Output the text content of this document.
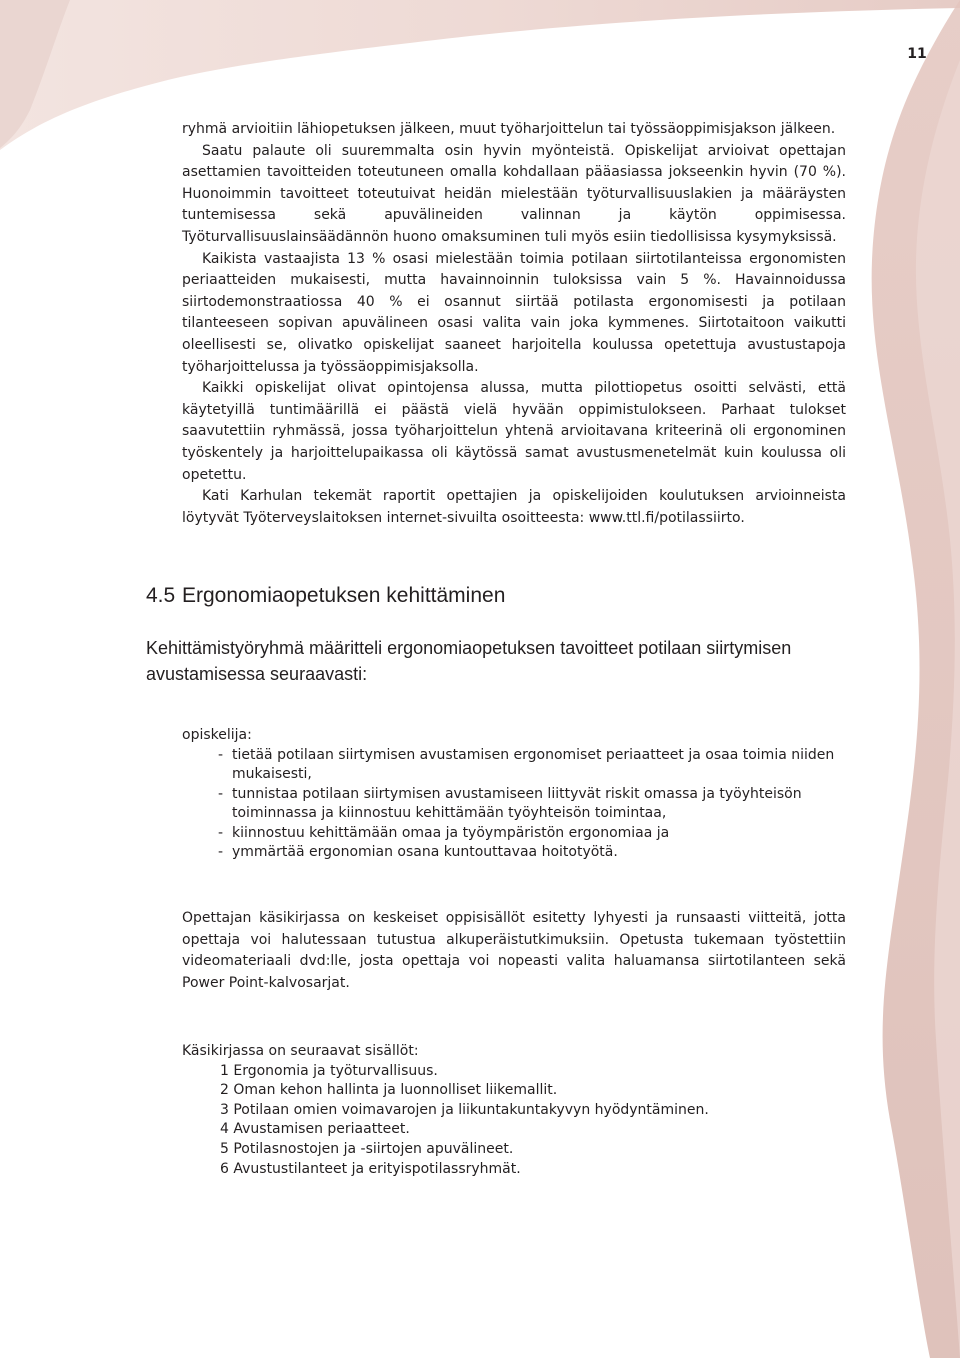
11

ryhmä arvioitiin lähiopetuksen jälkeen, muut työharjoittelun tai työssäoppimisjakson jälkeen.

Saatu palaute oli suuremmalta osin hyvin myönteistä. Opiskelijat arvioivat opettajan asettamien tavoitteiden toteutuneen omalla kohdallaan pääasiassa jokseenkin hyvin (70 %). Huonoimmin tavoitteet toteutuivat heidän mielestään työturvallisuuslakien ja määräysten tuntemisessa sekä apuvälineiden valinnan ja käytön oppimisessa. Työturvallisuuslainsäädännön huono omaksuminen tuli myös esiin tiedollisissa kysymyksissä.

Kaikista vastaajista 13 % osasi mielestään toimia potilaan siirtotilanteissa ergonomisten periaatteiden mukaisesti, mutta havainnoinnin tuloksissa vain 5 %. Havainnoidussa siirtodemonstraatiossa 40 % ei osannut siirtää potilasta ergonomisesti ja potilaan tilanteeseen sopivan apuvälineen osasi valita vain joka kymmenes. Siirtotaitoon vaikutti oleellisesti se, olivatko opiskelijat saaneet harjoitella koulussa opetettuja avustustapoja työharjoittelussa ja työssäoppimisjaksolla.

Kaikki opiskelijat olivat opintojensa alussa, mutta pilottiopetus osoitti selvästi, että käytetyillä tuntimäärillä ei päästä vielä hyvään oppimistulokseen. Parhaat tulokset saavutettiin ryhmässä, jossa työharjoittelun yhtenä arvioitavana kriteerinä oli ergonominen työskentely ja harjoittelupaikassa oli käytössä samat avustusmenetelmät kuin koulussa oli opetettu.

Kati Karhulan tekemät raportit opettajien ja opiskelijoiden koulutuksen arvioinneista löytyvät Työterveyslaitoksen internet-sivuilta osoitteesta: www.ttl.fi/potilassiirto.

4.5 Ergonomiaopetuksen kehittäminen

Kehittämistyöryhmä määritteli ergonomiaopetuksen tavoitteet potilaan siirtymisen avustamisessa seuraavasti:

opiskelija:

- tietää potilaan siirtymisen avustamisen ergonomiset periaatteet ja osaa toimia niiden mukaisesti,
- tunnistaa potilaan siirtymisen avustamiseen liittyvät riskit omassa ja työyhteisön toiminnassa ja kiinnostuu kehittämään työyhteisön toimintaa,
- kiinnostuu kehittämään omaa ja työympäristön ergonomiaa ja
- ymmärtää ergonomian osana kuntouttavaa hoitotyötä.

Opettajan käsikirjassa on keskeiset oppisisällöt esitetty lyhyesti ja runsaasti viitteitä, jotta opettaja voi halutessaan tutustua alkuperäistutkimuksiin. Opetusta tukemaan työstettiin videomateriaali dvd:lle, josta opettaja voi nopeasti valita haluamansa siirtotilanteen sekä Power Point-kalvosarjat.

Käsikirjassa on seuraavat sisällöt:

1 Ergonomia ja työturvallisuus.
2 Oman kehon hallinta ja luonnolliset liikemallit.
3 Potilaan omien voimavarojen ja liikuntakuntakyvyn hyödyntäminen.
4 Avustamisen periaatteet.
5 Potilasnostojen ja -siirtojen apuvälineet.
6 Avustustilanteet ja erityispotilassryhmät.
